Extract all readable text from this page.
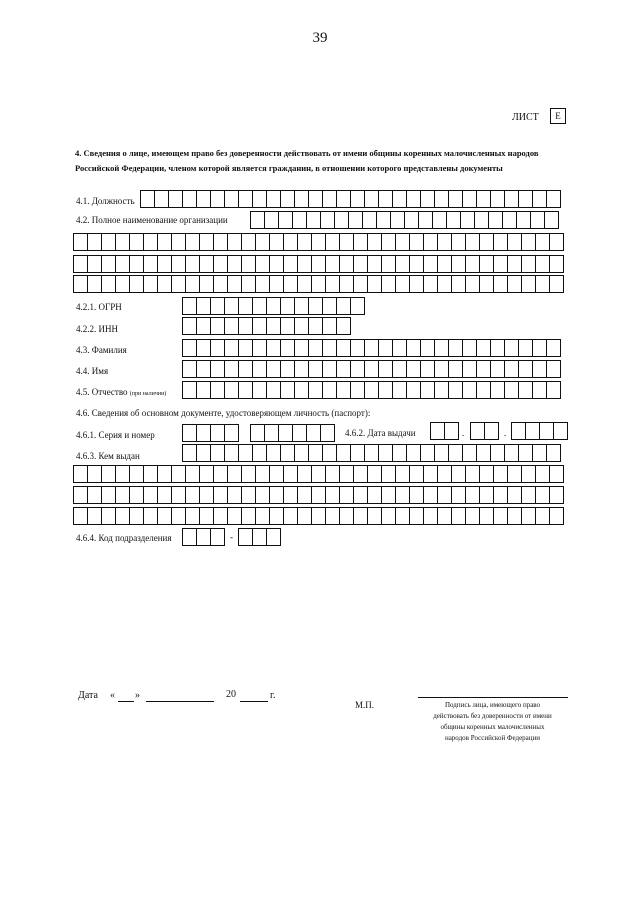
39
ЛИСТ	Е
4. Сведения о лице, имеющем право без доверенности действовать от имени общины коренных малочисленных народов Российской Федерации, членом которой является гражданин, в отношении которого представлены документы
4.1. Должность
4.2. Полное наименование организации
4.2.1. ОГРН
4.2.2. ИНН
4.3. Фамилия
4.4. Имя
4.5. Отчество (при наличии)
4.6. Сведения об основном документе, удостоверяющем личность (паспорт):
4.6.1. Серия и номер	4.6.2. Дата выдачи	.	.
4.6.3. Кем выдан
4.6.4. Код подразделения	-
Дата « »	20	г.
М.П.	Подпись лица, имеющего право действовать без доверенности от имени общины коренных малочисленных народов Российской Федерации
